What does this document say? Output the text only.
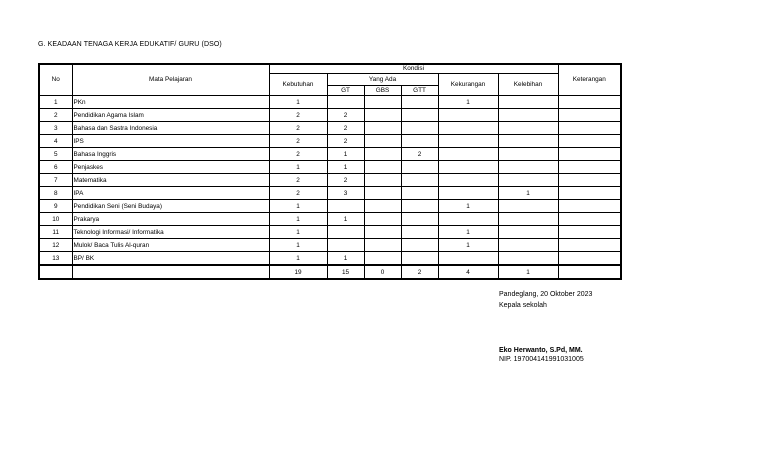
G. KEADAAN TENAGA KERJA EDUKATIF/ GURU (DSO)
No	Mata Pelajaran	Kondisi						Keterangan
		Kebutuhan	Yang Ada			Kekurangan	Kelebihan	
			GT	GBS	GTT			
1	PKn	1				1		
2	Pendidikan Agama Islam	2	2					
3	Bahasa dan Sastra Indonesia	2	2					
4	IPS	2	2					
5	Bahasa Inggris	2	1		2			
6	Penjaskes	1	1					
7	Matematika	2	2					
8	IPA	2	3				1	
9	Pendidikan Seni (Seni Budaya)	1				1		
10	Prakarya	1	1					
11	Teknologi Informasi/ Informatika	1				1		
12	Mulok/ Baca Tulis Al-quran	1				1		
13	BP/ BK	1	1					
		19	15	0	2	4	1	
Pandeglang, 20 Oktober 2023
Kepala sekolah
Eko Herwanto, S.Pd, MM.
NIP. 197004141991031005
